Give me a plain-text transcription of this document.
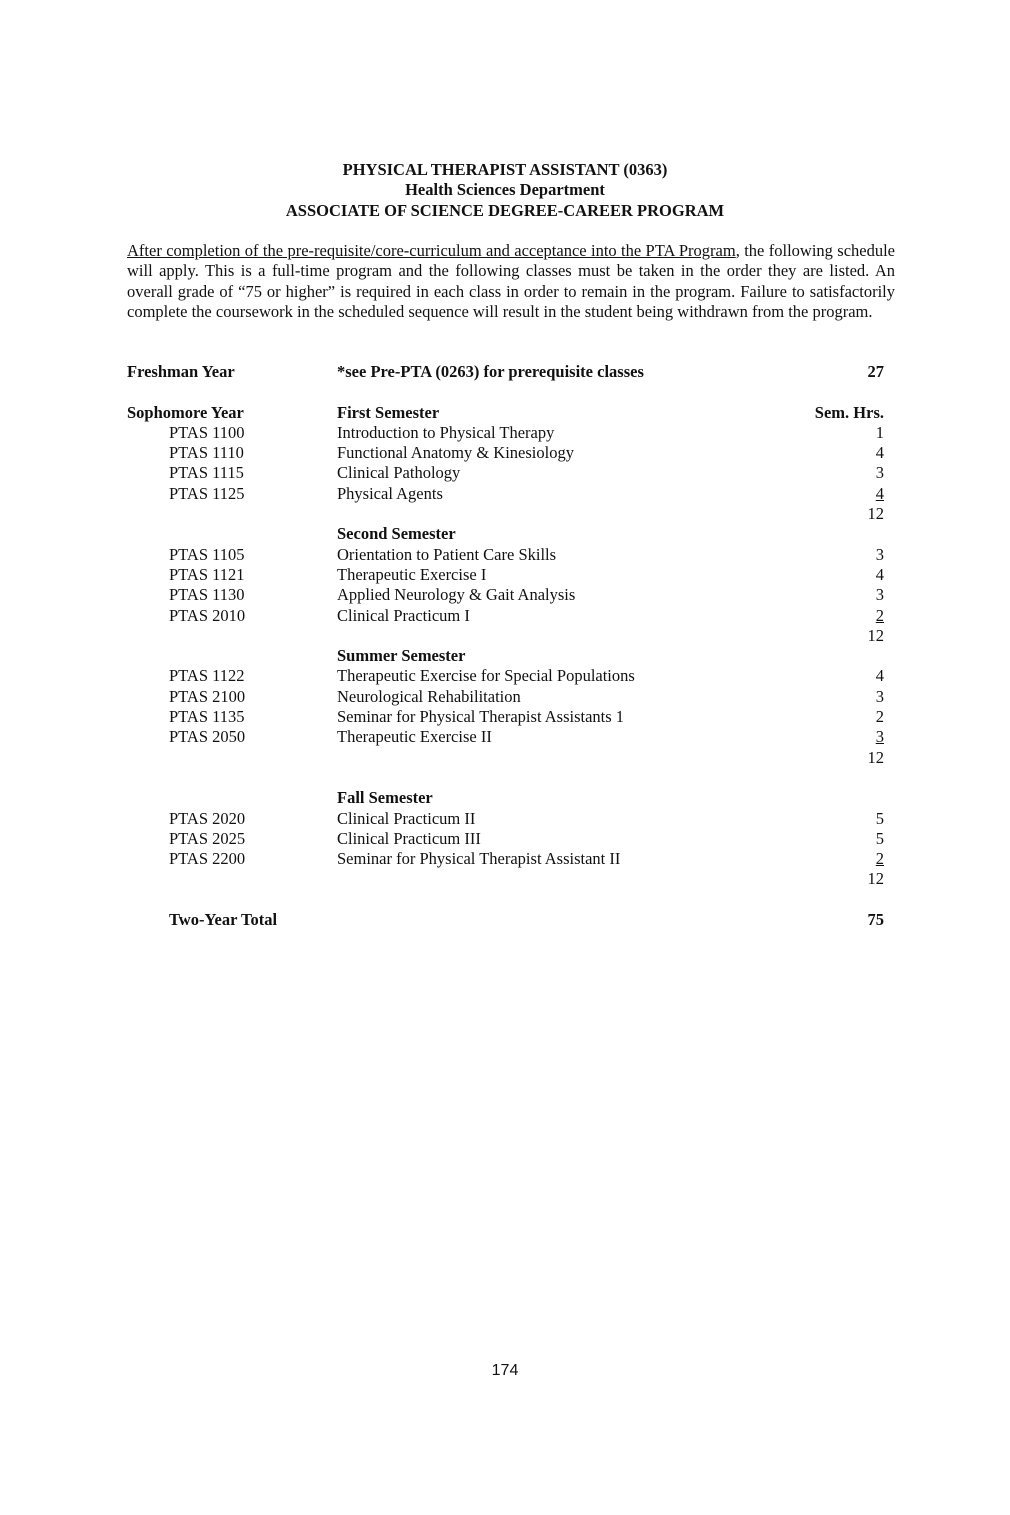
PHYSICAL THERAPIST ASSISTANT (0363)
Health Sciences Department
ASSOCIATE OF SCIENCE DEGREE-CAREER PROGRAM

After completion of the pre-requisite/core-curriculum and acceptance into the PTA Program, the following schedule will apply. This is a full-time program and the following classes must be taken in the order they are listed. An overall grade of “75 or higher” is required in each class in order to remain in the program. Failure to satisfactorily complete the coursework in the scheduled sequence will result in the student being withdrawn from the program.

Freshman Year	*see Pre-PTA (0263) for prerequisite classes	27
Sophomore Year	First Semester	Sem. Hrs.
PTAS 1100	Introduction to Physical Therapy	1
PTAS 1110	Functional Anatomy & Kinesiology	4
PTAS 1115	Clinical Pathology	3
PTAS 1125	Physical Agents	4
12
Second Semester
PTAS 1105	Orientation to Patient Care Skills	3
PTAS 1121	Therapeutic Exercise I	4
PTAS 1130	Applied Neurology & Gait Analysis	3
PTAS 2010	Clinical Practicum I	2
12
Summer Semester
PTAS 1122	Therapeutic Exercise for Special Populations	4
PTAS 2100	Neurological Rehabilitation	3
PTAS 1135	Seminar for Physical Therapist Assistants 1	2
PTAS 2050	Therapeutic Exercise II	3
12
Fall Semester
PTAS 2020	Clinical Practicum II	5
PTAS 2025	Clinical Practicum III	5
PTAS 2200	Seminar for Physical Therapist Assistant II	2
12
Two-Year Total	75
174
